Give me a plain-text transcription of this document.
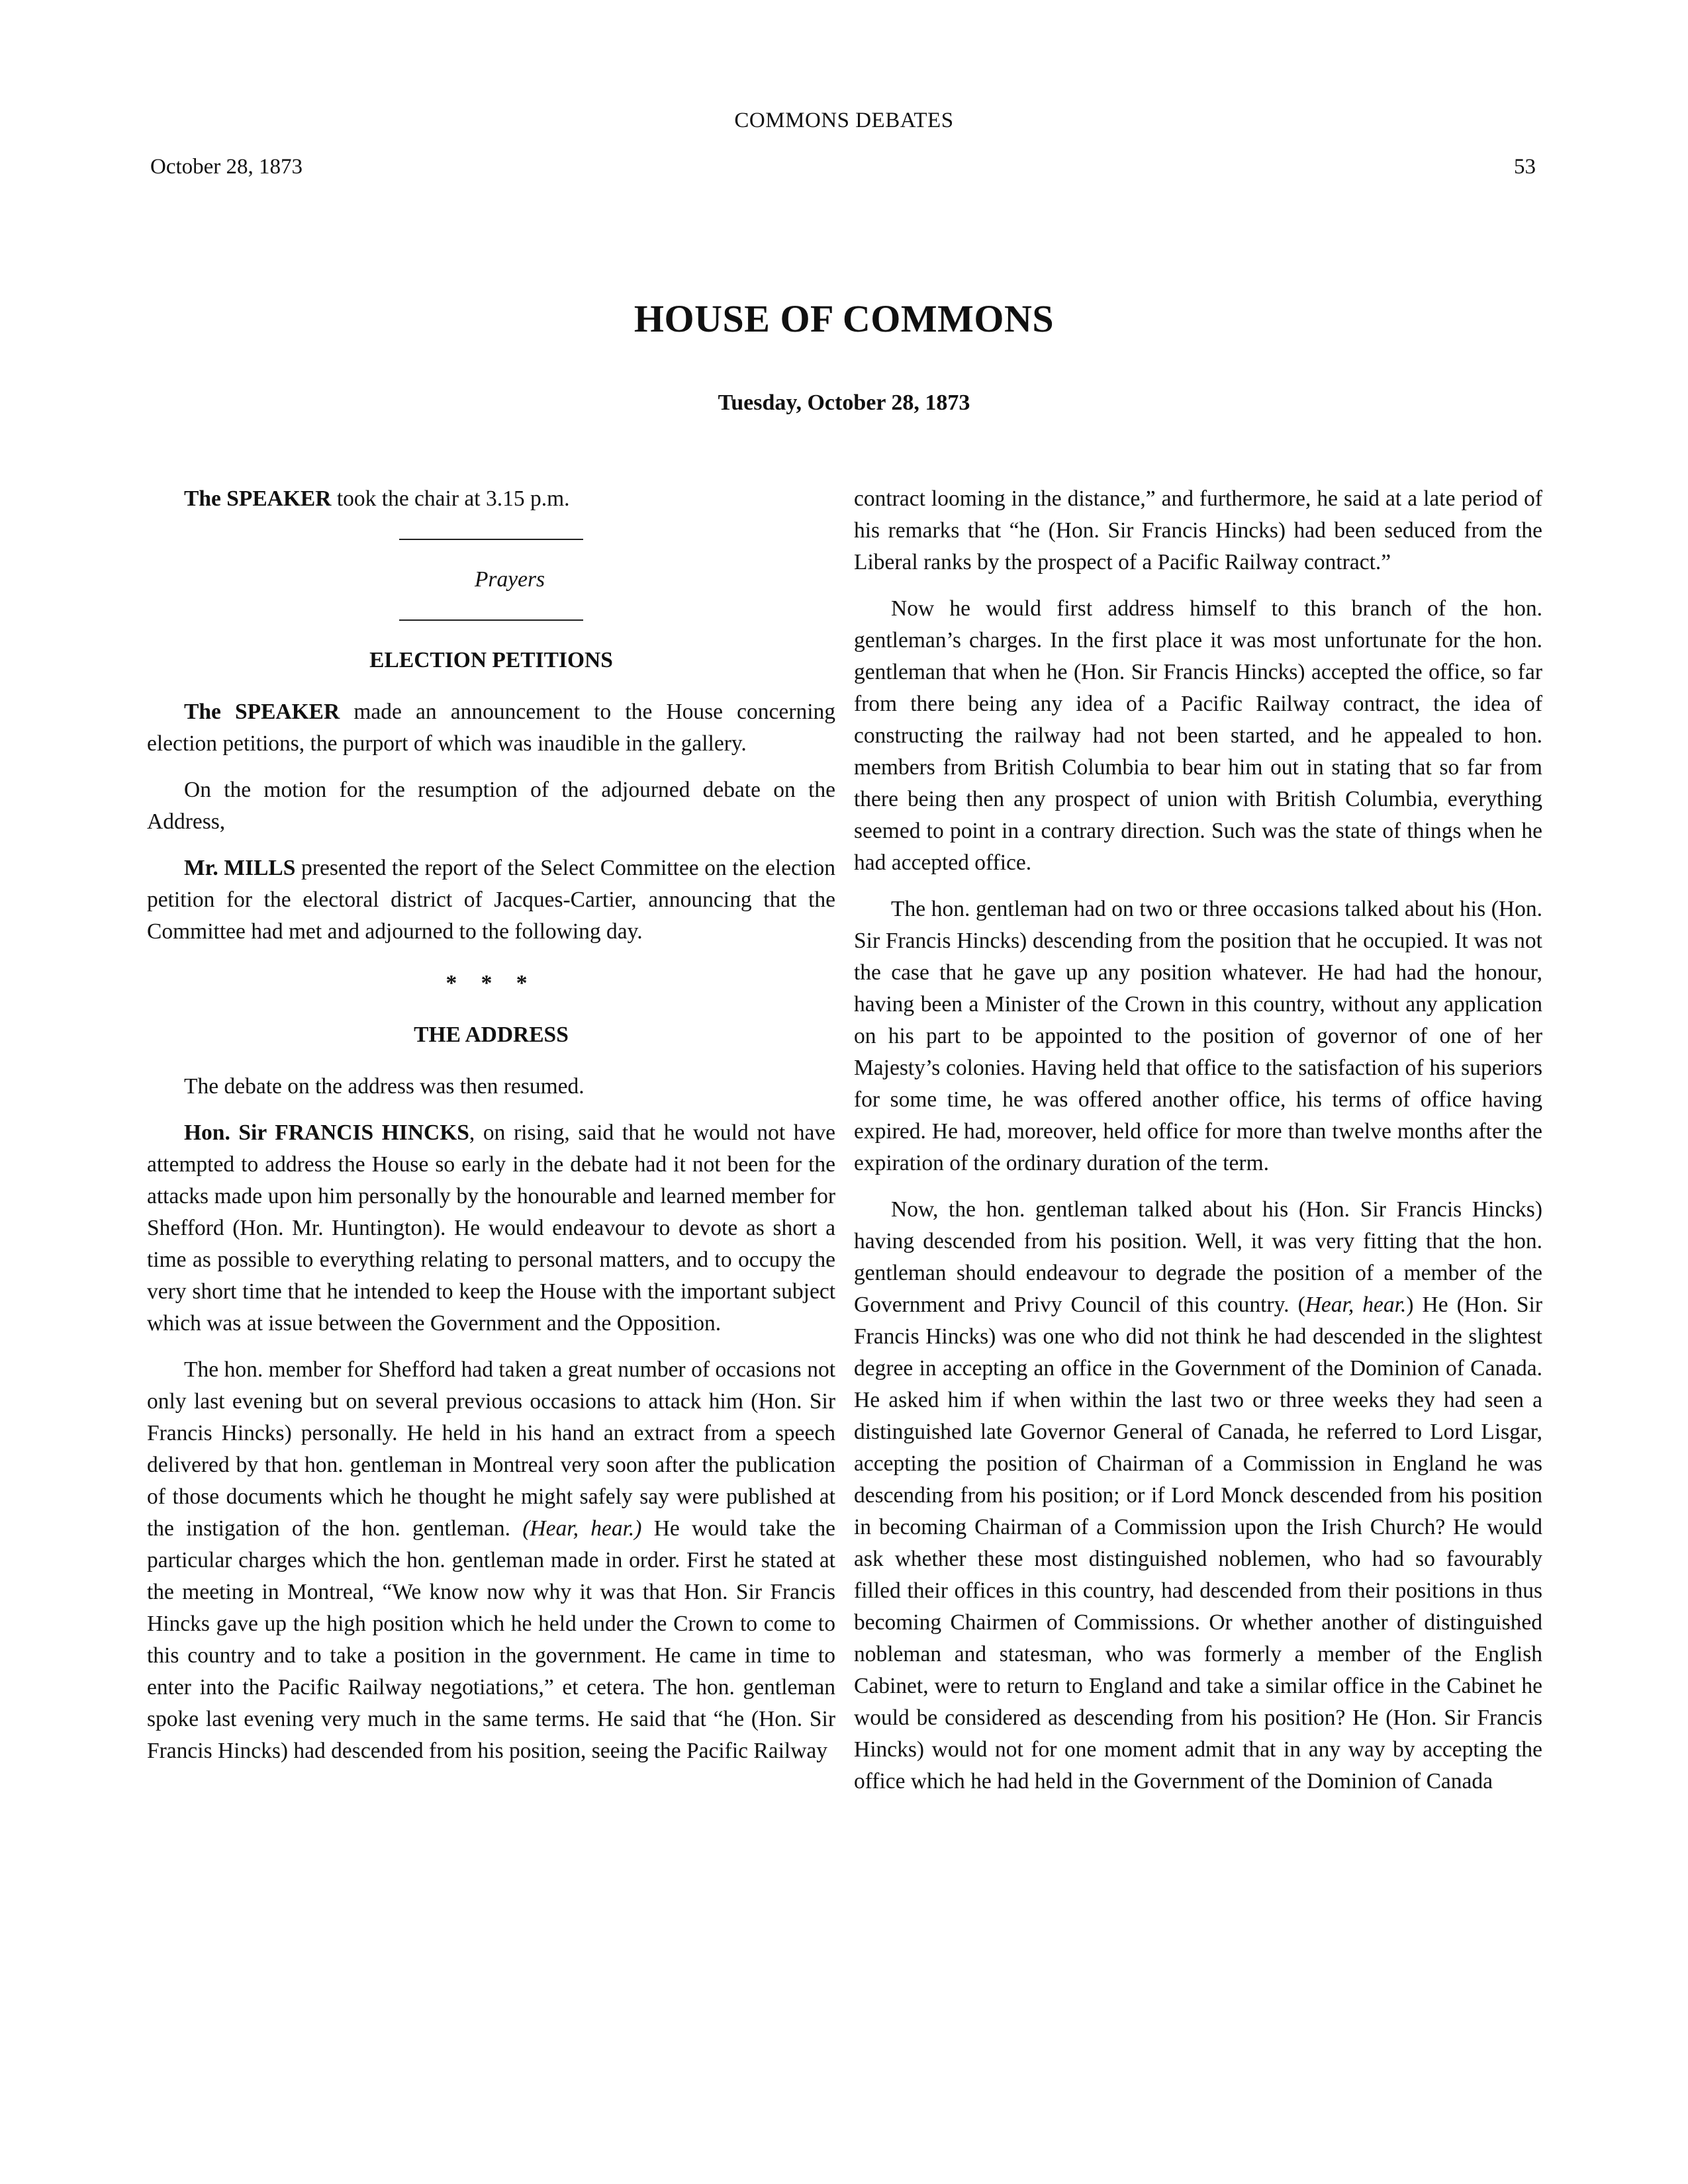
COMMONS DEBATES
October 28, 1873	53
HOUSE OF COMMONS
Tuesday, October 28, 1873

The SPEAKER took the chair at 3.15 p.m.

Prayers

ELECTION PETITIONS

The SPEAKER made an announcement to the House concerning election petitions, the purport of which was inaudible in the gallery.

On the motion for the resumption of the adjourned debate on the Address,

Mr. MILLS presented the report of the Select Committee on the election petition for the electoral district of Jacques-Cartier, announcing that the Committee had met and adjourned to the following day.

* * *
THE ADDRESS

The debate on the address was then resumed.

Hon. Sir FRANCIS HINCKS, on rising, said that he would not have attempted to address the House so early in the debate had it not been for the attacks made upon him personally by the honourable and learned member for Shefford (Hon. Mr. Huntington). He would endeavour to devote as short a time as possible to everything relating to personal matters, and to occupy the very short time that he intended to keep the House with the important subject which was at issue between the Government and the Opposition.

The hon. member for Shefford had taken a great number of occasions not only last evening but on several previous occasions to attack him (Hon. Sir Francis Hincks) personally. He held in his hand an extract from a speech delivered by that hon. gentleman in Montreal very soon after the publication of those documents which he thought he might safely say were published at the instigation of the hon. gentleman. (Hear, hear.) He would take the particular charges which the hon. gentleman made in order. First he stated at the meeting in Montreal, “We know now why it was that Hon. Sir Francis Hincks gave up the high position which he held under the Crown to come to this country and to take a position in the government. He came in time to enter into the Pacific Railway negotiations,” et cetera. The hon. gentleman spoke last evening very much in the same terms. He said that “he (Hon. Sir Francis Hincks) had descended from his position, seeing the Pacific Railway

contract looming in the distance,” and furthermore, he said at a late period of his remarks that “he (Hon. Sir Francis Hincks) had been seduced from the Liberal ranks by the prospect of a Pacific Railway contract.”

Now he would first address himself to this branch of the hon. gentleman’s charges. In the first place it was most unfortunate for the hon. gentleman that when he (Hon. Sir Francis Hincks) accepted the office, so far from there being any idea of a Pacific Railway contract, the idea of constructing the railway had not been started, and he appealed to hon. members from British Columbia to bear him out in stating that so far from there being then any prospect of union with British Columbia, everything seemed to point in a contrary direction. Such was the state of things when he had accepted office.

The hon. gentleman had on two or three occasions talked about his (Hon. Sir Francis Hincks) descending from the position that he occupied. It was not the case that he gave up any position whatever. He had had the honour, having been a Minister of the Crown in this country, without any application on his part to be appointed to the position of governor of one of her Majesty’s colonies. Having held that office to the satisfaction of his superiors for some time, he was offered another office, his terms of office having expired. He had, moreover, held office for more than twelve months after the expiration of the ordinary duration of the term.

Now, the hon. gentleman talked about his (Hon. Sir Francis Hincks) having descended from his position. Well, it was very fitting that the hon. gentleman should endeavour to degrade the position of a member of the Government and Privy Council of this country. (Hear, hear.) He (Hon. Sir Francis Hincks) was one who did not think he had descended in the slightest degree in accepting an office in the Government of the Dominion of Canada. He asked him if when within the last two or three weeks they had seen a distinguished late Governor General of Canada, he referred to Lord Lisgar, accepting the position of Chairman of a Commission in England he was descending from his position; or if Lord Monck descended from his position in becoming Chairman of a Commission upon the Irish Church? He would ask whether these most distinguished noblemen, who had so favourably filled their offices in this country, had descended from their positions in thus becoming Chairmen of Commissions. Or whether another of distinguished nobleman and statesman, who was formerly a member of the English Cabinet, were to return to England and take a similar office in the Cabinet he would be considered as descending from his position? He (Hon. Sir Francis Hincks) would not for one moment admit that in any way by accepting the office which he had held in the Government of the Dominion of Canada
